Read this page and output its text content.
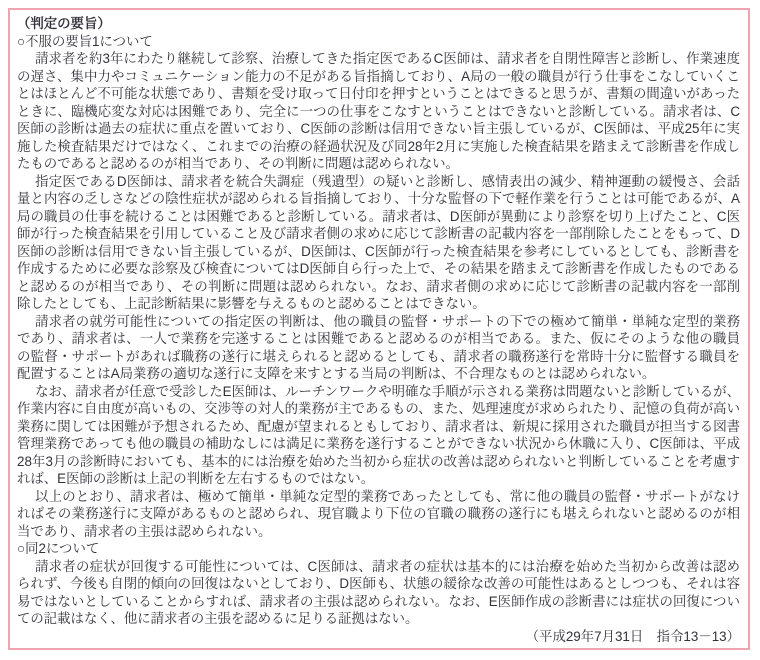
（判定の要旨）

○不服の要旨1について

請求者を約3年にわたり継続して診察、治療してきた指定医であるC医師は、請求者を自閉性障害と診断し、作業速度の遅さ、集中力やコミュニケーション能力の不足がある旨指摘しており、A局の一般の職員が行う仕事をこなしていくことはほとんど不可能な状態であり、書類を受け取って日付印を押すということはできると思うが、書類の間違いがあったときに、臨機応変な対応は困難であり、完全に一つの仕事をこなすということはできないと診断している。請求者は、C医師の診断は過去の症状に重点を置いており、C医師の診断は信用できない旨主張しているが、C医師は、平成25年に実施した検査結果だけではなく、これまでの治療の経過状況及び同28年2月に実施した検査結果を踏まえて診断書を作成したものであると認めるのが相当であり、その判断に問題は認められない。

指定医であるD医師は、請求者を統合失調症（残遺型）の疑いと診断し、感情表出の減少、精神運動の緩慢さ、会話量と内容の乏しさなどの陰性症状が認められる旨指摘しており、十分な監督の下で軽作業を行うことは可能であるが、A局の職員の仕事を続けることは困難であると診断している。請求者は、D医師が異動により診察を切り上げたこと、C医師が行った検査結果を引用していること及び請求者側の求めに応じて診断書の記載内容を一部削除したことをもって、D医師の診断は信用できない旨主張しているが、D医師は、C医師が行った検査結果を参考にしているとしても、診断書を作成するために必要な診察及び検査についてはD医師自ら行った上で、その結果を踏まえて診断書を作成したものであると認めるのが相当であり、その判断に問題は認められない。なお、請求者側の求めに応じて診断書の記載内容を一部削除したとしても、上記診断結果に影響を与えるものと認めることはできない。

請求者の就労可能性についての指定医の判断は、他の職員の監督・サポートの下での極めて簡単・単純な定型的業務であり、請求者は、一人で業務を完遂することは困難であると認めるのが相当である。また、仮にそのような他の職員の監督・サポートがあれば職務の遂行に堪えられると認めるとしても、請求者の職務遂行を常時十分に監督する職員を配置することはA局業務の適切な遂行に支障を来すとする当局の判断は、不合理なものとは認められない。

なお、請求者が任意で受診したE医師は、ルーチンワークや明確な手順が示される業務は問題ないと診断しているが、作業内容に自由度が高いもの、交渉等の対人的業務が主であるもの、また、処理速度が求められたり、記憶の負荷が高い業務に関しては困難が予想されるため、配慮が望まれるともしており、請求者は、新規に採用された職員が担当する図書管理業務であっても他の職員の補助なしには満足に業務を遂行することができない状況から休職に入り、C医師は、平成28年3月の診断時においても、基本的には治療を始めた当初から症状の改善は認められないと判断していることを考慮すれば、E医師の診断は上記の判断を左右するものではない。

以上のとおり、請求者は、極めて簡単・単純な定型的業務であったとしても、常に他の職員の監督・サポートがなければその業務遂行に支障があるものと認められ、現官職より下位の官職の職務の遂行にも堪えられないと認めるのが相当であり、請求者の主張は認められない。

○同2について

請求者の症状が回復する可能性については、C医師は、請求者の症状は基本的には治療を始めた当初から改善は認められず、今後も自閉的傾向の回復はないとしており、D医師も、状態の緩徐な改善の可能性はあるとしつつも、それは容易ではないとしていることからすれば、請求者の主張は認められない。なお、E医師作成の診断書には症状の回復についての記載はなく、他に請求者の主張を認めるに足りる証拠はない。

（平成29年7月31日　指令13－13）
